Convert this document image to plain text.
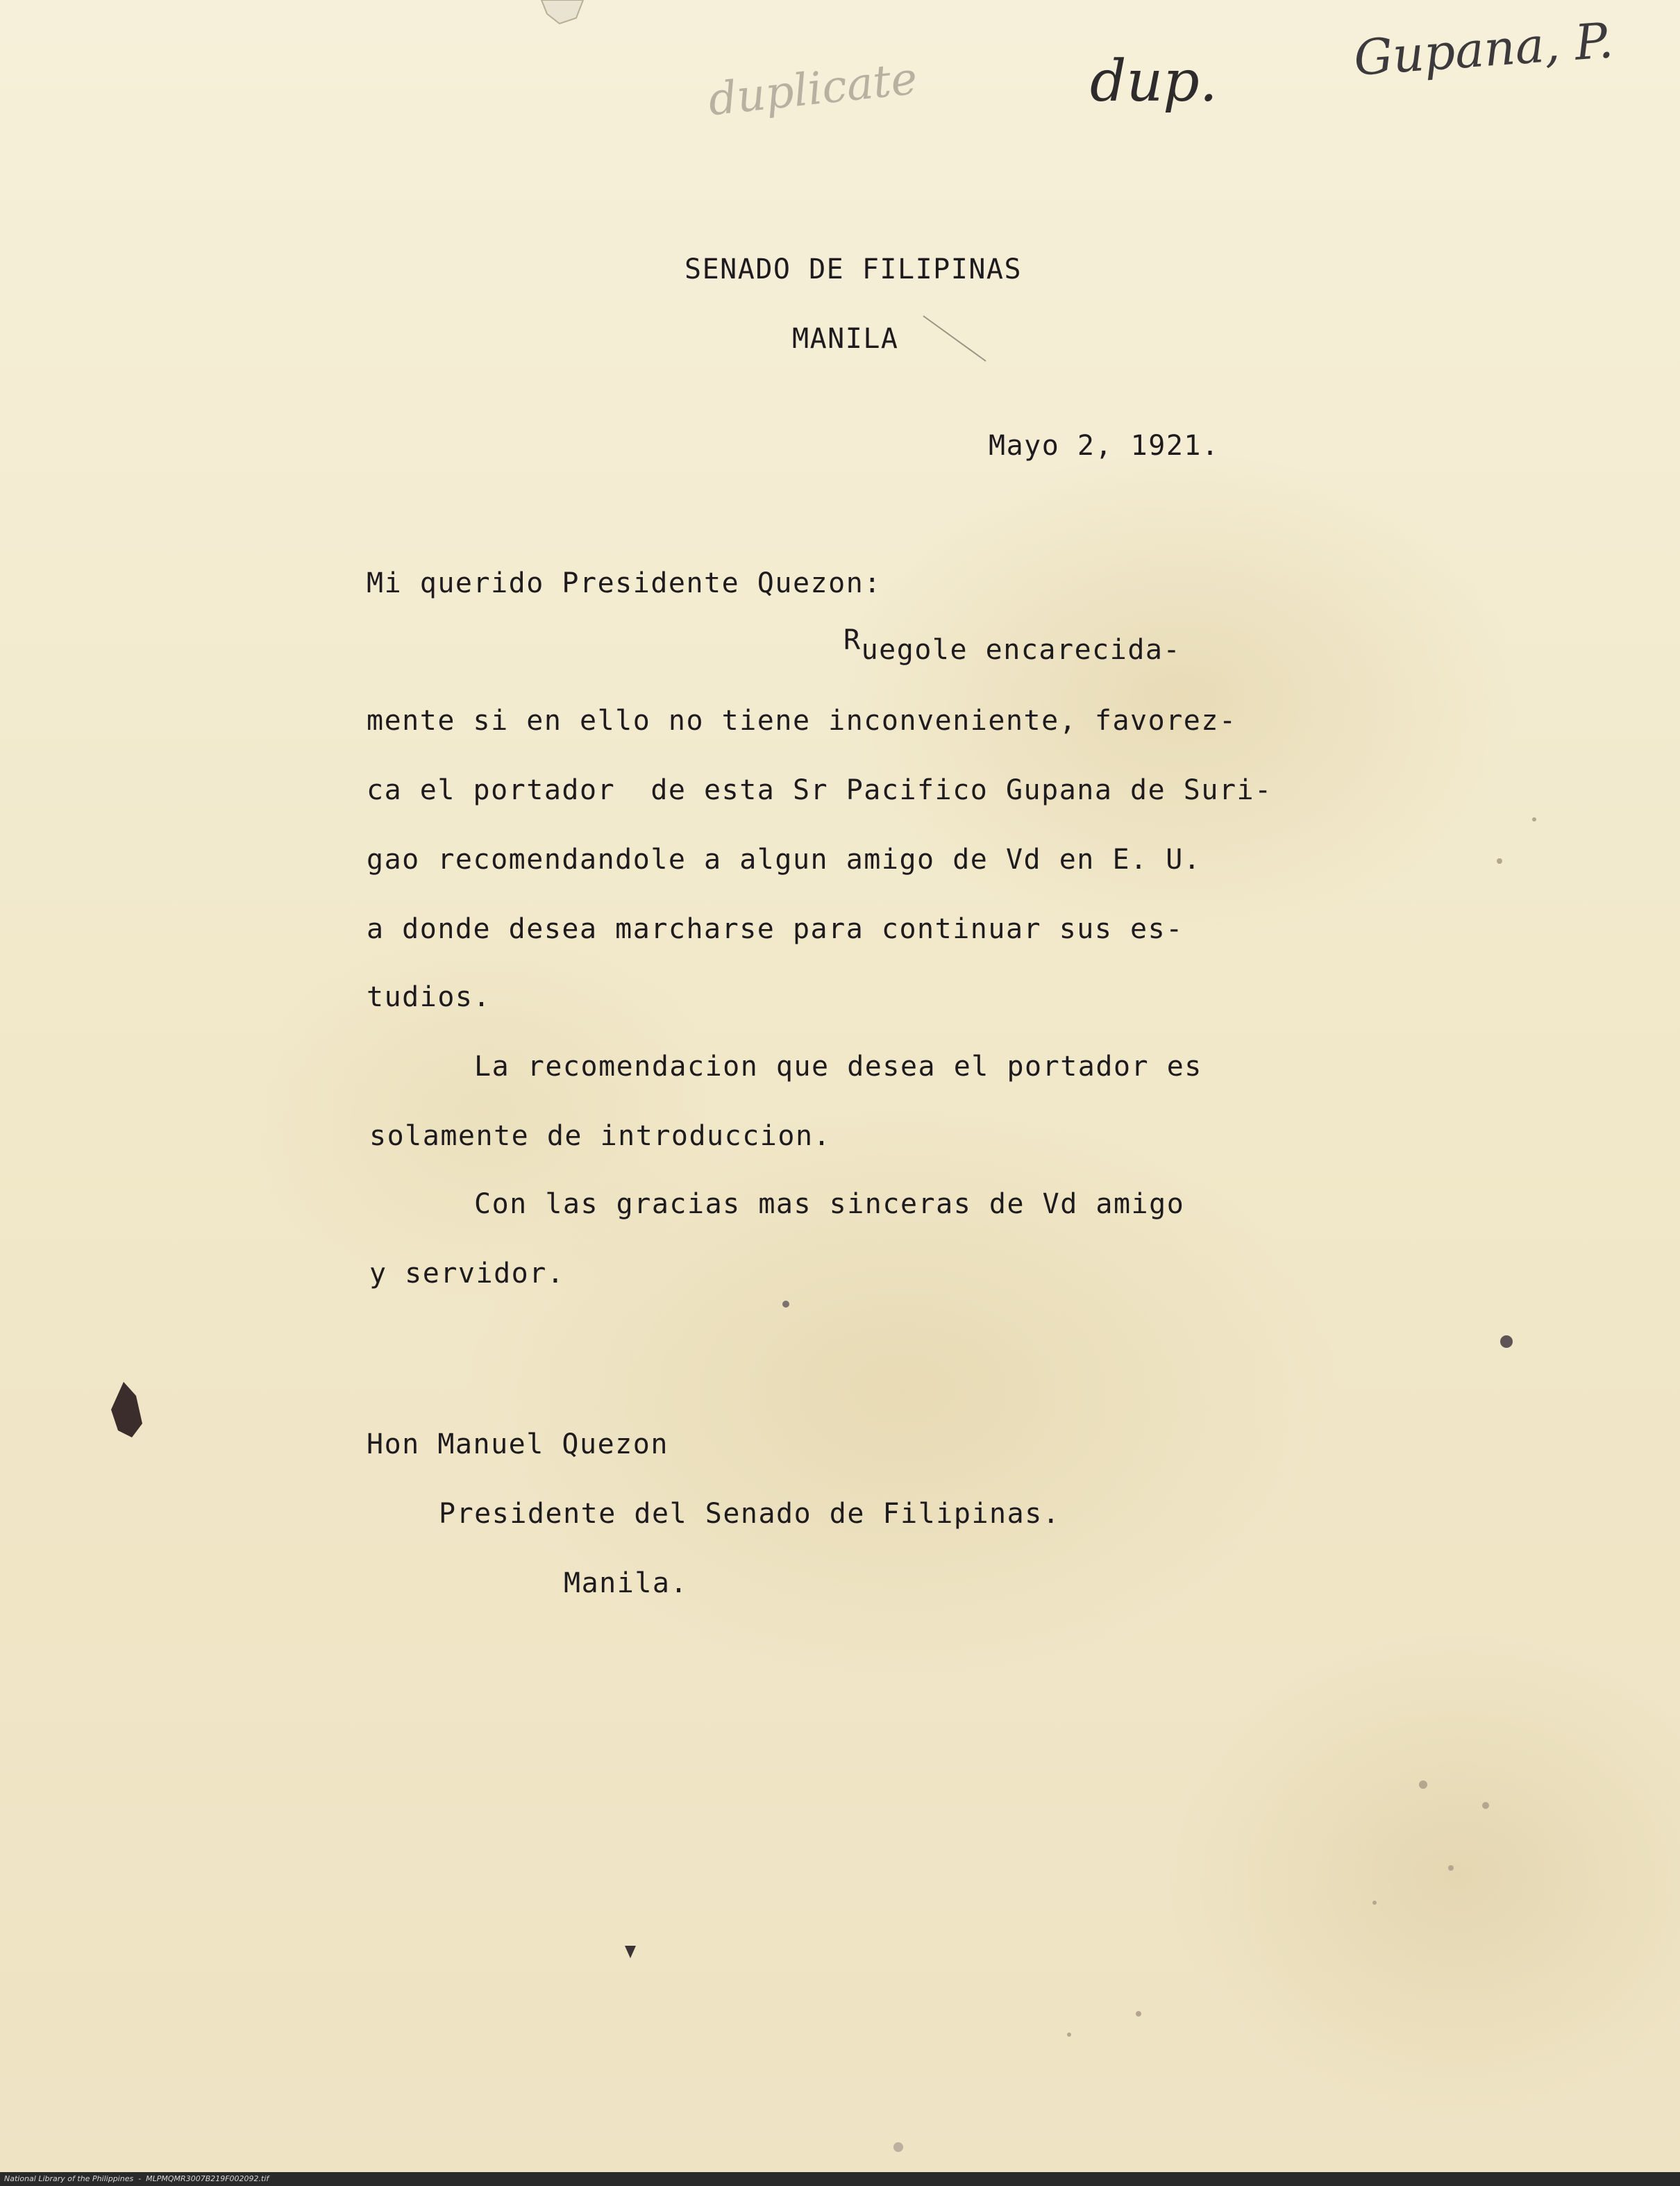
duplicate	dup.	Gupana, P.

SENADO DE FILIPINAS

MANILA

Mayo 2, 1921.

Mi querido Presidente Quezon:

Ruegole encarecida-

mente si en ello no tiene inconveniente, favorez-

ca el portador  de esta Sr Pacifico Gupana de Suri-

gao recomendandole a algun amigo de Vd en E. U.

a donde desea marcharse para continuar sus es-

tudios.

La recomendacion que desea el portador es

solamente de introduccion.

Con las gracias mas sinceras de Vd amigo

y servidor.

Hon Manuel Quezon

Presidente del Senado de Filipinas.

Manila.

National Library of the Philippines  -  MLPMQMR3007B219F002092.tif
